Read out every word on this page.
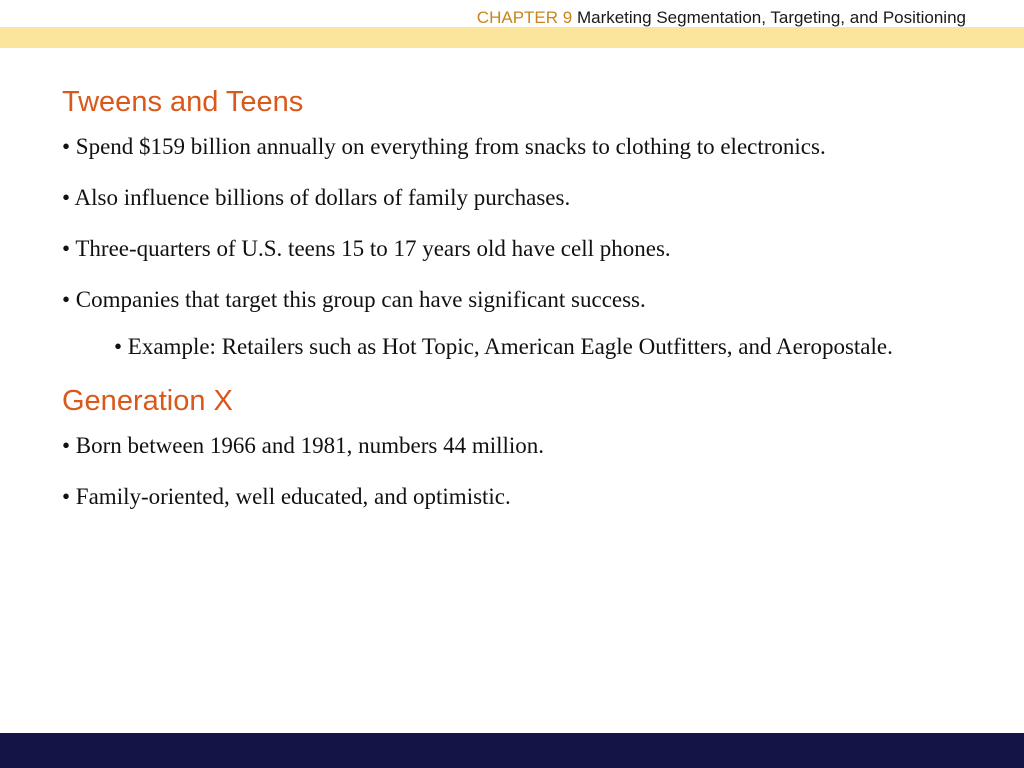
CHAPTER 9 Marketing Segmentation, Targeting, and Positioning
Tweens and Teens

• Spend $159 billion annually on everything from snacks to clothing to electronics.

• Also influence billions of dollars of family purchases.

• Three-quarters of U.S. teens 15 to 17 years old have cell phones.

• Companies that target this group can have significant success.

• Example: Retailers such as Hot Topic, American Eagle Outfitters, and Aeropostale.

Generation X

• Born between 1966 and 1981, numbers 44 million.

• Family-oriented, well educated, and optimistic.
